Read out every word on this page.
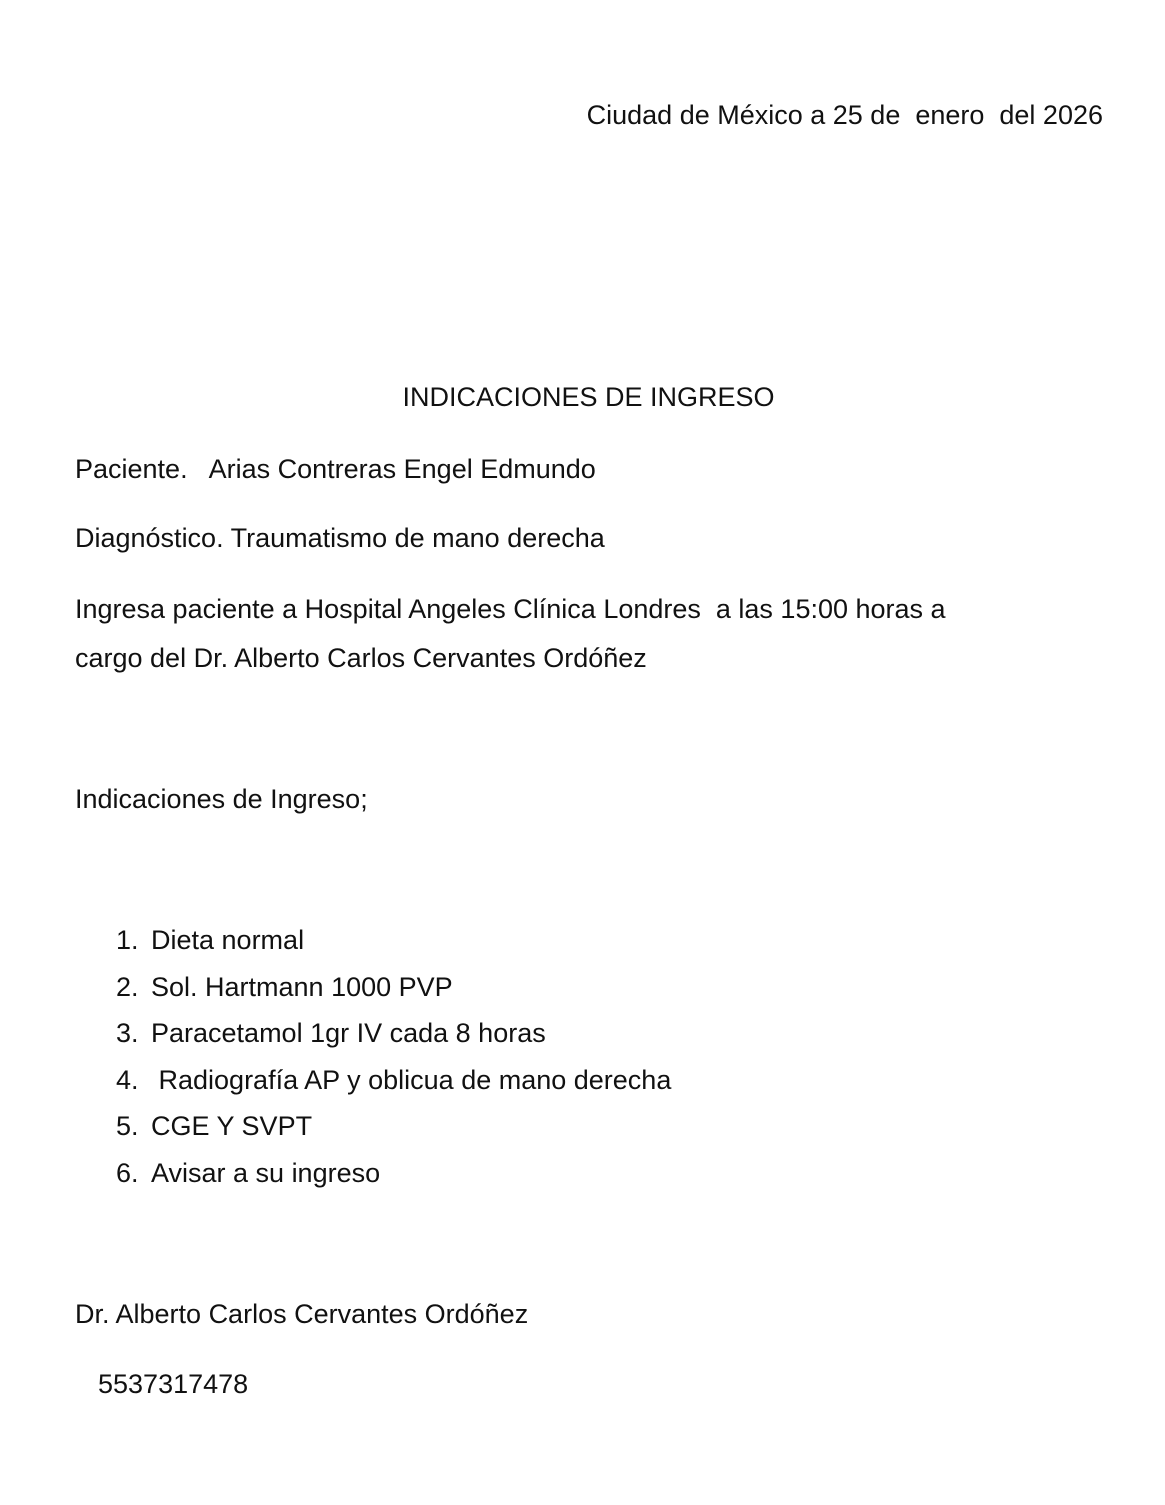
Ciudad de México a 25 de  enero  del 2026
INDICACIONES DE INGRESO
Paciente.   Arias Contreras Engel Edmundo
Diagnóstico. Traumatismo de mano derecha
Ingresa paciente a Hospital Angeles Clínica Londres  a las 15:00 horas a
cargo del Dr. Alberto Carlos Cervantes Ordóñez
Indicaciones de Ingreso;
1. Dieta normal
2. Sol. Hartmann 1000 PVP
3. Paracetamol 1gr IV cada 8 horas
4. Radiografía AP y oblicua de mano derecha
5. CGE Y SVPT
6. Avisar a su ingreso
Dr. Alberto Carlos Cervantes Ordóñez
5537317478
